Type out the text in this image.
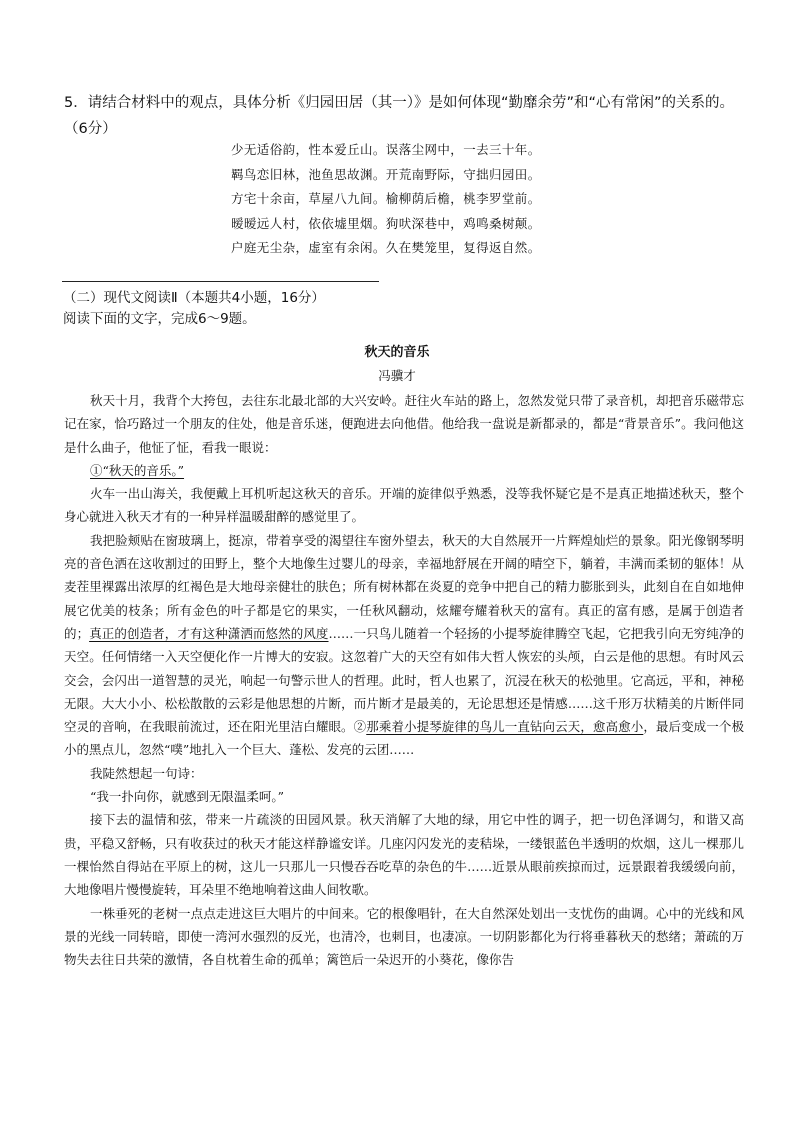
5．请结合材料中的观点，具体分析《归园田居（其一）》是如何体现“勤靡余劳”和“心有常闲”的关系的。（6分）
少无适俗韵，性本爱丘山。误落尘网中，一去三十年。
羁鸟恋旧林，池鱼思故渊。开荒南野际，守拙归园田。
方宅十余亩，草屋八九间。榆柳荫后檐，桃李罗堂前。
暧暧远人村，依依墟里烟。狗吠深巷中，鸡鸣桑树颠。
户庭无尘杂，虚室有余闲。久在樊笼里，复得返自然。
（二）现代文阅读Ⅱ（本题共4小题，16分）
阅读下面的文字，完成6～9题。
秋天的音乐
冯骥才

秋天十月，我背个大挎包，去往东北最北部的大兴安岭。赶往火车站的路上，忽然发觉只带了录音机，却把音乐磁带忘记在家，恰巧路过一个朋友的住处，他是音乐迷，便跑进去向他借。他给我一盘说是新都录的，都是“背景音乐”。我问他这是什么曲子，他怔了怔，看我一眼说：

①“秋天的音乐。”

火车一出山海关，我便戴上耳机听起这秋天的音乐。开端的旋律似乎熟悉，没等我怀疑它是不是真正地描述秋天，整个身心就进入秋天才有的一种异样温暖甜醉的感觉里了。

我把脸颊贴在窗玻璃上，挺凉，带着享受的渴望往车窗外望去，秋天的大自然展开一片辉煌灿烂的景象。阳光像钢琴明亮的音色洒在这收割过的田野上，整个大地像生过婴儿的母亲，幸福地舒展在开阔的晴空下，躺着，丰满而柔韧的躯体！从麦茬里裸露出浓厚的红褐色是大地母亲健壮的肤色；所有树林都在炎夏的竞争中把自己的精力膨胀到头，此刻自在自如地伸展它优美的枝条；所有金色的叶子都是它的果实，一任秋风翻动，炫耀夸耀着秋天的富有。真正的富有感，是属于创造者的；真正的创造者，才有这种潇洒而悠然的风度……一只鸟儿随着一个轻扬的小提琴旋律腾空飞起，它把我引向无穷纯净的天空。任何情绪一入天空便化作一片博大的安寂。这忽着广大的天空有如伟大哲人恢宏的头颅，白云是他的思想。有时风云交会，会闪出一道智慧的灵光，响起一句警示世人的哲理。此时，哲人也累了，沉浸在秋天的松弛里。它高远，平和，神秘无限。大大小小、松松散散的云彩是他思想的片断，而片断才是最美的，无论思想还是情感……这千形万状精美的片断伴同空灵的音响，在我眼前流过，还在阳光里洁白耀眼。②那乘着小提琴旋律的鸟儿一直钻向云天，愈高愈小，最后变成一个极小的黑点儿，忽然“噗”地扎入一个巨大、蓬松、发亮的云团……

我陡然想起一句诗：

“我一扑向你，就感到无限温柔呵。”

接下去的温情和弦，带来一片疏淡的田园风景。秋天消解了大地的绿，用它中性的调子，把一切色泽调匀，和谐又高贵，平稳又舒畅，只有收获过的秋天才能这样静谧安详。几座闪闪发光的麦秸垛，一缕银蓝色半透明的炊烟，这儿一棵那儿一棵怡然自得站在平原上的树，这儿一只那儿一只慢吞吞吃草的杂色的牛……近景从眼前疾掠而过，远景跟着我缓缓向前，大地像唱片慢慢旋转，耳朵里不绝地响着这曲人间牧歌。

一株垂死的老树一点点走进这巨大唱片的中间来。它的根像唱针，在大自然深处划出一支忧伤的曲调。心中的光线和风景的光线一同转暗，即使一湾河水强烈的反光，也清冷，也刺目，也凄凉。一切阴影都化为行将垂暮秋天的愁绪；萧疏的万物失去往日共荣的激情，各自枕着生命的孤单；篱笆后一朵迟开的小葵花，像你告
